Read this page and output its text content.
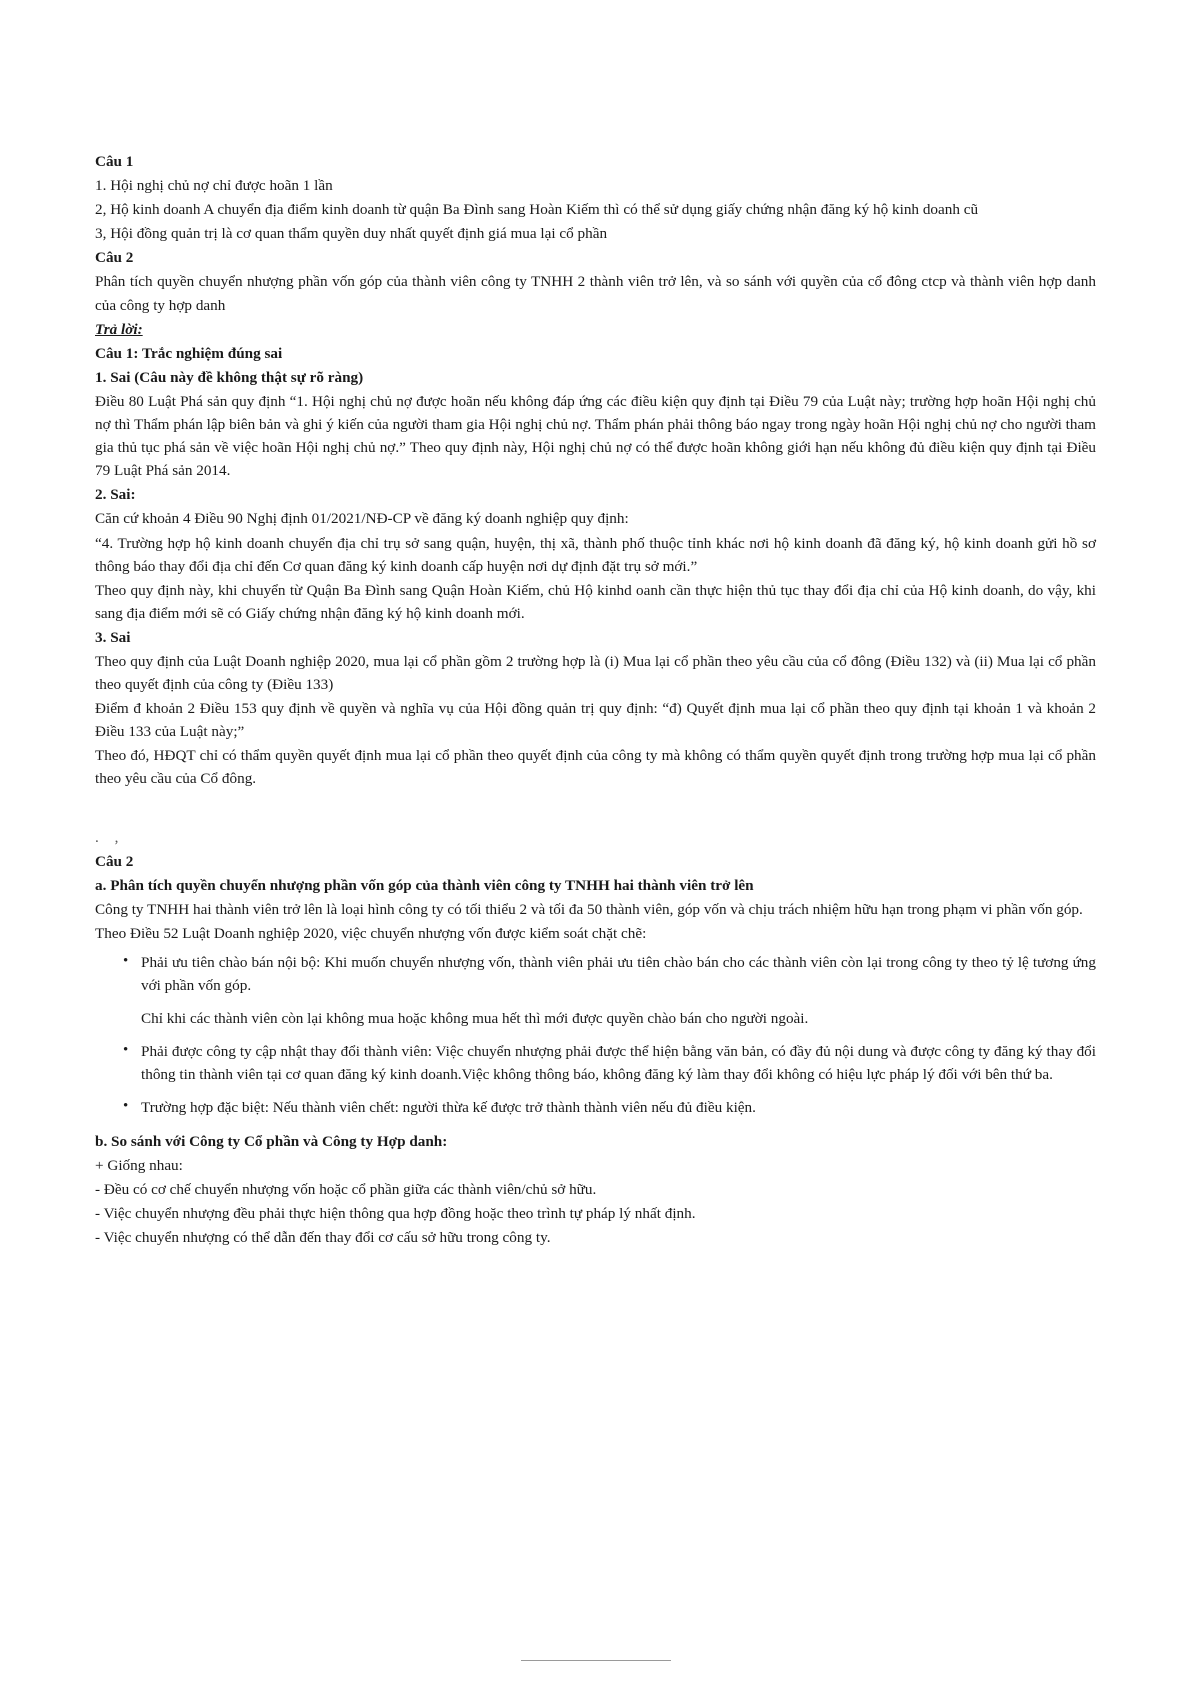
Câu 1

1. Hội nghị chủ nợ chỉ được hoãn 1 lần

2, Hộ kinh doanh A chuyển địa điểm kinh doanh từ quận Ba Đình sang Hoàn Kiếm thì có thể sử dụng giấy chứng nhận đăng ký hộ kinh doanh cũ

3, Hội đồng quản trị là cơ quan thẩm quyền duy nhất quyết định giá mua lại cổ phần

Câu 2

Phân tích quyền chuyển nhượng phần vốn góp của thành viên công ty TNHH 2 thành viên trở lên, và so sánh với quyền của cổ đông ctcp và thành viên hợp danh của công ty hợp danh

Trả lời:

Câu 1: Trắc nghiệm đúng sai

1. Sai (Câu này đề không thật sự rõ ràng)

Điều 80 Luật Phá sản quy định “1. Hội nghị chủ nợ được hoãn nếu không đáp ứng các điều kiện quy định tại Điều 79 của Luật này; trường hợp hoãn Hội nghị chủ nợ thì Thẩm phán lập biên bản và ghi ý kiến của người tham gia Hội nghị chủ nợ. Thẩm phán phải thông báo ngay trong ngày hoãn Hội nghị chủ nợ cho người tham gia thủ tục phá sản về việc hoãn Hội nghị chủ nợ.” Theo quy định này, Hội nghị chủ nợ có thể được hoãn không giới hạn nếu không đủ điều kiện quy định tại Điều 79 Luật Phá sản 2014.

2. Sai:

Căn cứ khoản 4 Điều 90 Nghị định 01/2021/NĐ-CP về đăng ký doanh nghiệp quy định:

“4. Trường hợp hộ kinh doanh chuyển địa chỉ trụ sở sang quận, huyện, thị xã, thành phố thuộc tỉnh khác nơi hộ kinh doanh đã đăng ký, hộ kinh doanh gửi hồ sơ thông báo thay đổi địa chỉ đến Cơ quan đăng ký kinh doanh cấp huyện nơi dự định đặt trụ sở mới.”

Theo quy định này, khi chuyển từ Quận Ba Đình sang Quận Hoàn Kiếm, chủ Hộ kinhd oanh cần thực hiện thủ tục thay đổi địa chỉ của Hộ kinh doanh, do vậy, khi sang địa điểm mới sẽ có Giấy chứng nhận đăng ký hộ kinh doanh mới.

3. Sai

Theo quy định của Luật Doanh nghiệp 2020, mua lại cổ phần gồm 2 trường hợp là (i) Mua lại cổ phần theo yêu cầu của cổ đông (Điều 132) và (ii) Mua lại cổ phần theo quyết định của công ty (Điều 133)

Điểm đ khoản 2 Điều 153 quy định về quyền và nghĩa vụ của Hội đồng quản trị quy định: “đ) Quyết định mua lại cổ phần theo quy định tại khoản 1 và khoản 2 Điều 133 của Luật này;”

Theo đó, HĐQT chỉ có thẩm quyền quyết định mua lại cổ phần theo quyết định của công ty mà không có thẩm quyền quyết định trong trường hợp mua lại cổ phần theo yêu cầu của Cổ đông.

. ,

Câu 2

a. Phân tích quyền chuyển nhượng phần vốn góp của thành viên công ty TNHH hai thành viên trở lên

Công ty TNHH hai thành viên trở lên là loại hình công ty có tối thiểu 2 và tối đa 50 thành viên, góp vốn và chịu trách nhiệm hữu hạn trong phạm vi phần vốn góp.

Theo Điều 52 Luật Doanh nghiệp 2020, việc chuyển nhượng vốn được kiểm soát chặt chẽ:

• Phải ưu tiên chào bán nội bộ: Khi muốn chuyển nhượng vốn, thành viên phải ưu tiên chào bán cho các thành viên còn lại trong công ty theo tỷ lệ tương ứng với phần vốn góp.

Chỉ khi các thành viên còn lại không mua hoặc không mua hết thì mới được quyền chào bán cho người ngoài.

• Phải được công ty cập nhật thay đổi thành viên: Việc chuyển nhượng phải được thể hiện bằng văn bản, có đầy đủ nội dung và được công ty đăng ký thay đổi thông tin thành viên tại cơ quan đăng ký kinh doanh.Việc không thông báo, không đăng ký làm thay đổi không có hiệu lực pháp lý đối với bên thứ ba.
• Trường hợp đặc biệt: Nếu thành viên chết: người thừa kế được trở thành thành viên nếu đủ điều kiện.

b. So sánh với Công ty Cổ phần và Công ty Hợp danh:

+ Giống nhau:

- Đều có cơ chế chuyển nhượng vốn hoặc cổ phần giữa các thành viên/chủ sở hữu.

- Việc chuyển nhượng đều phải thực hiện thông qua hợp đồng hoặc theo trình tự pháp lý nhất định.

- Việc chuyển nhượng có thể dẫn đến thay đổi cơ cấu sở hữu trong công ty.
